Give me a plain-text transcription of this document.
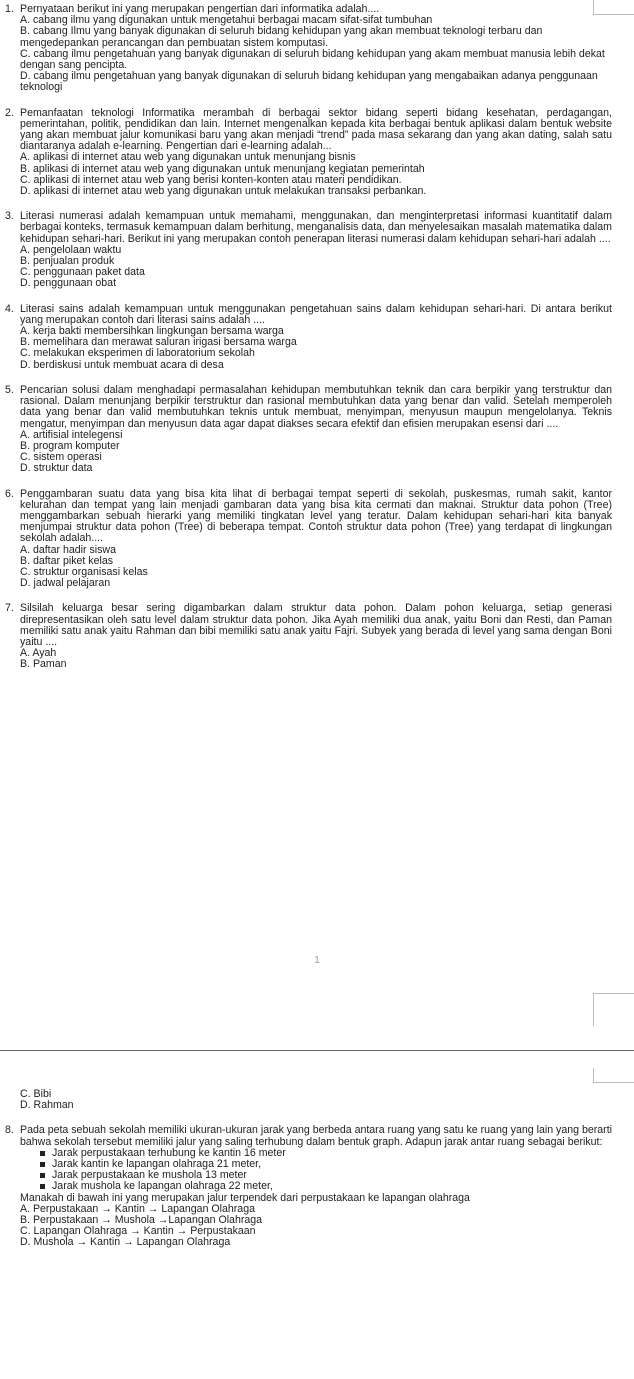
1. Pernyataan berikut ini yang merupakan pengertian dari informatika adalah....
A. cabang ilmu yang digunakan untuk mengetahui berbagai macam sifat-sifat tumbuhan
B. cabang Ilmu yang banyak digunakan di seluruh bidang kehidupan yang akan membuat teknologi terbaru dan mengedepankan perancangan dan pembuatan sistem komputasi.
C. cabang ilmu pengetahuan yang banyak digunakan di seluruh bidang kehidupan yang akam membuat manusia lebih dekat dengan sang pencipta.
D. cabang ilmu pengetahuan yang banyak digunakan di seluruh bidang kehidupan yang mengabaikan adanya penggunaan teknologi
2. Pemanfaatan teknologi Informatika merambah di berbagai sektor bidang seperti bidang kesehatan, perdagangan, pemerintahan, politik, pendidikan dan lain. Internet mengenalkan kepada kita berbagai bentuk aplikasi dalam bentuk website yang akan membuat jalur komunikasi baru yang akan menjadi “trend” pada masa sekarang dan yang akan dating, salah satu diantaranya adalah e-learning. Pengertian dari e-learning adalah...
A. aplikasi di internet atau web yang digunakan untuk menunjang bisnis
B. aplikasi di internet atau web yang digunakan untuk menunjang kegiatan pemerintah
C. aplikasi di internet atau web yang berisi konten-konten atau materi pendidikan.
D. aplikasi di internet atau web yang digunakan untuk melakukan transaksi perbankan.
3. Literasi numerasi adalah kemampuan untuk memahami, menggunakan, dan menginterpretasi informasi kuantitatif dalam berbagai konteks, termasuk kemampuan dalam berhitung, menganalisis data, dan menyelesaikan masalah matematika dalam kehidupan sehari-hari. Berikut ini yang merupakan contoh penerapan literasi numerasi dalam kehidupan sehari-hari adalah ....
A. pengelolaan waktu
B. penjualan produk
C. penggunaan paket data
D. penggunaan obat
4. Literasi sains adalah kemampuan untuk menggunakan pengetahuan sains dalam kehidupan sehari-hari. Di antara berikut yang merupakan contoh dari literasi sains adalah ....
A. kerja bakti membersihkan lingkungan bersama warga
B. memelihara dan merawat saluran irigasi bersama warga
C. melakukan eksperimen di laboratorium sekolah
D. berdiskusi untuk membuat acara di desa
5. Pencarian solusi dalam menghadapi permasalahan kehidupan membutuhkan teknik dan cara berpikir yang terstruktur dan rasional. Dalam menunjang berpikir terstruktur dan rasional membutuhkan data yang benar dan valid. Setelah memperoleh data yang benar dan valid membutuhkan teknis untuk membuat, menyimpan, menyusun maupun mengelolanya. Teknis mengatur, menyimpan dan menyusun data agar dapat diakses secara efektif dan efisien merupakan esensi dari ....
A. artifisial intelegensi
B. program komputer
C. sistem operasi
D. struktur data
6. Penggambaran suatu data yang bisa kita lihat di berbagai tempat seperti di sekolah, puskesmas, rumah sakit, kantor kelurahan dan tempat yang lain menjadi gambaran data yang bisa kita cermati dan maknai. Struktur data pohon (Tree) menggambarkan sebuah hierarki yang memiliki tingkatan level yang teratur. Dalam kehidupan sehari-hari kita banyak menjumpai struktur data pohon (Tree) di beberapa tempat. Contoh struktur data pohon (Tree) yang terdapat di lingkungan sekolah adalah....
A. daftar hadir siswa
B. daftar piket kelas
C. struktur organisasi kelas
D. jadwal pelajaran
7. Silsilah keluarga besar sering digambarkan dalam struktur data pohon. Dalam pohon keluarga, setiap generasi direpresentasikan oleh satu level dalam struktur data pohon. Jika Ayah memiliki dua anak, yaitu Boni dan Resti, dan Paman memiliki satu anak yaitu Rahman dan bibi memiliki satu anak yaitu Fajri. Subyek yang berada di level yang sama dengan Boni yaitu ....
A. Ayah
B. Paman
1
C. Bibi
D. Rahman
8. Pada peta sebuah sekolah memiliki ukuran-ukuran jarak yang berbeda antara ruang yang satu ke ruang yang lain yang berarti bahwa sekolah tersebut memiliki jalur yang saling terhubung dalam bentuk graph. Adapun jarak antar ruang sebagai berikut:
Jarak perpustakaan terhubung ke kantin 16 meter
Jarak kantin ke lapangan olahraga 21 meter,
Jarak perpustakaan ke mushola 13 meter
Jarak mushola ke lapangan olahraga 22 meter,
Manakah di bawah ini yang merupakan jalur terpendek dari perpustakaan ke lapangan olahraga
A. Perpustakaan → Kantin → Lapangan Olahraga
B. Perpustakaan → Mushola →Lapangan Olahraga
C. Lapangan Olahraga → Kantin → Perpustakaan
D. Mushola → Kantin → Lapangan Olahraga
